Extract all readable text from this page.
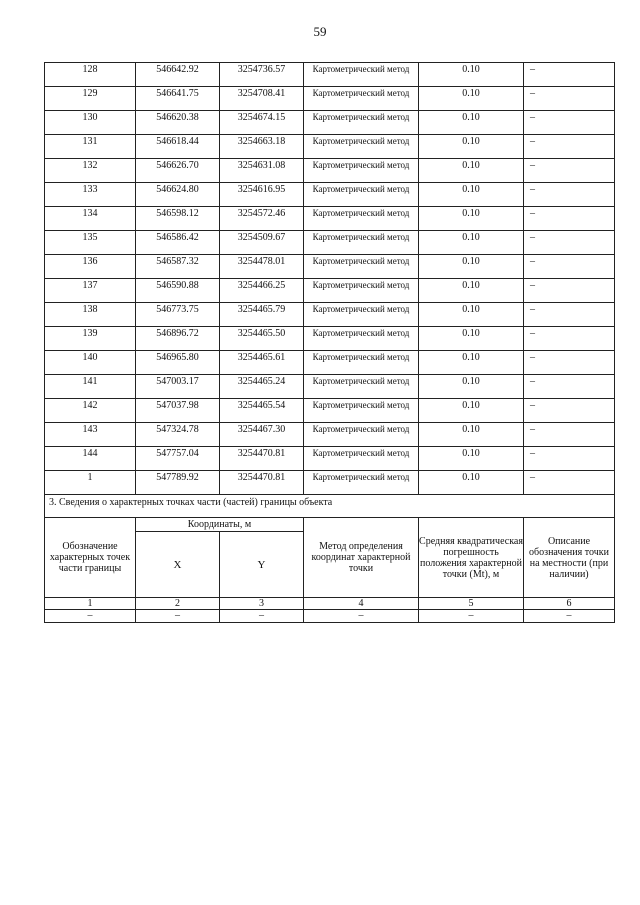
59
128	546642.92	3254736.57	Картометрический метод	0.10	–
129	546641.75	3254708.41	Картометрический метод	0.10	–
130	546620.38	3254674.15	Картометрический метод	0.10	–
131	546618.44	3254663.18	Картометрический метод	0.10	–
132	546626.70	3254631.08	Картометрический метод	0.10	–
133	546624.80	3254616.95	Картометрический метод	0.10	–
134	546598.12	3254572.46	Картометрический метод	0.10	–
135	546586.42	3254509.67	Картометрический метод	0.10	–
136	546587.32	3254478.01	Картометрический метод	0.10	–
137	546590.88	3254466.25	Картометрический метод	0.10	–
138	546773.75	3254465.79	Картометрический метод	0.10	–
139	546896.72	3254465.50	Картометрический метод	0.10	–
140	546965.80	3254465.61	Картометрический метод	0.10	–
141	547003.17	3254465.24	Картометрический метод	0.10	–
142	547037.98	3254465.54	Картометрический метод	0.10	–
143	547324.78	3254467.30	Картометрический метод	0.10	–
144	547757.04	3254470.81	Картометрический метод	0.10	–
1	547789.92	3254470.81	Картометрический метод	0.10	–
3. Сведения о характерных точках части (частей) границы объекта					
Обозначение характерных точек части границы	Координаты, м		Метод определения координат характерной точки	Средняя квадратическая погрешность положения характерной точки (Mt), м	Описание обозначения точки на местности (при наличии)
	X	Y			
1	2	3	4	5	6
–	–	–	–	–	–
